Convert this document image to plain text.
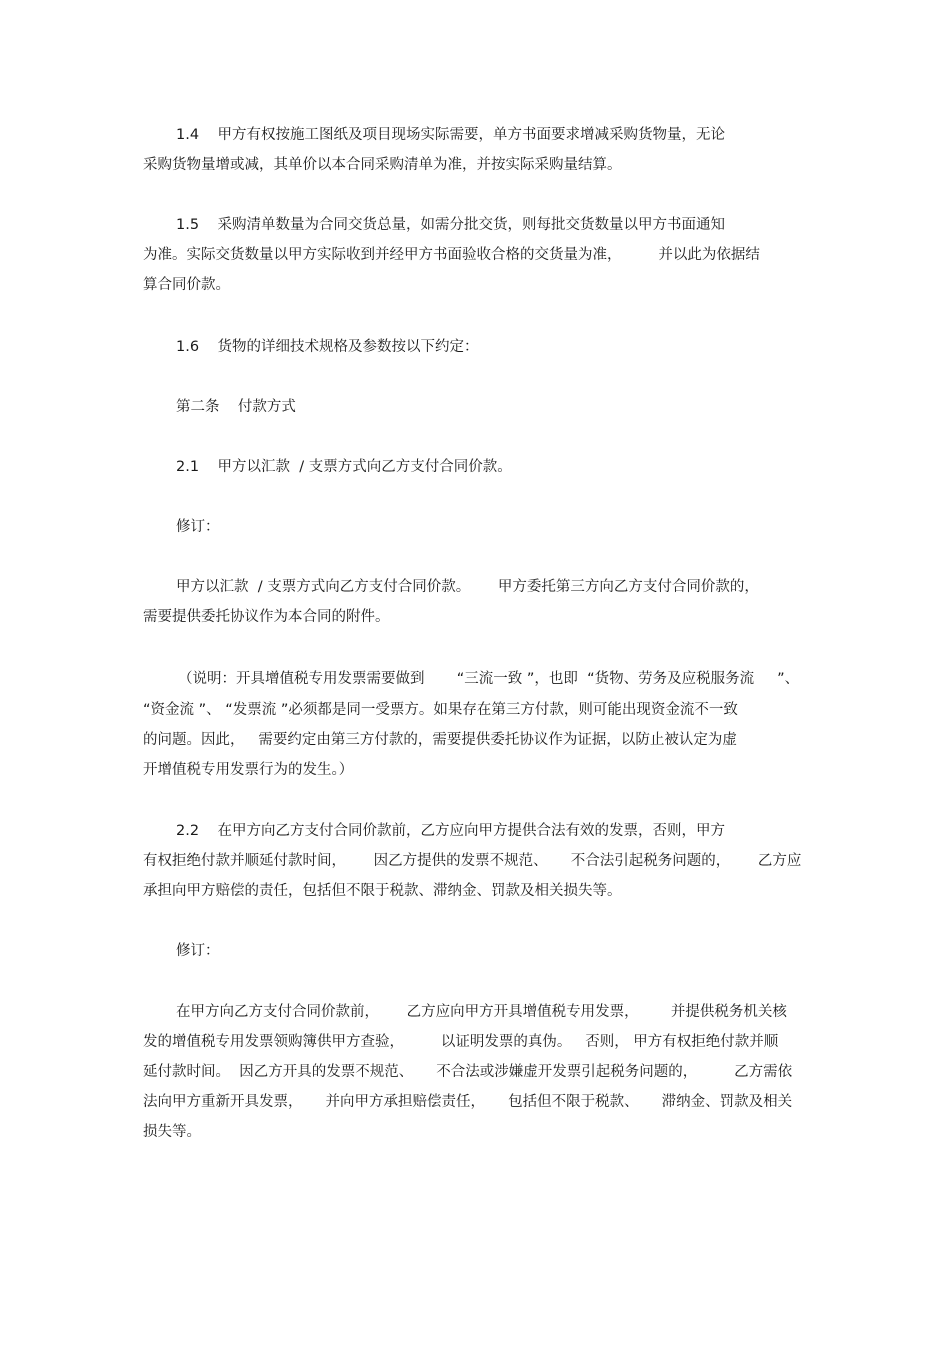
1.4    甲方有权按施工图纸及项目现场实际需要，单方书面要求增减采购货物量，无论
采购货物量增或减，其单价以本合同采购清单为准，并按实际采购量结算。
1.5    采购清单数量为合同交货总量，如需分批交货，则每批交货数量以甲方书面通知
为准。实际交货数量以甲方实际收到并经甲方书面验收合格的交货量为准，        并以此为依据结
算合同价款。
1.6    货物的详细技术规格及参数按以下约定：
第二条    付款方式
2.1    甲方以汇款  / 支票方式向乙方支付合同价款。
修订：
甲方以汇款  / 支票方式向乙方支付合同价款。      甲方委托第三方向乙方支付合同价款的，
需要提供委托协议作为本合同的附件。
（说明：开具增值税专用发票需要做到       “三流一致 ”，也即  “货物、劳务及应税服务流     ”、
“资金流 ”、 “发票流 ”必须都是同一受票方。如果存在第三方付款，则可能出现资金流不一致
的问题。因此，   需要约定由第三方付款的，需要提供委托协议作为证据，以防止被认定为虚
开增值税专用发票行为的发生。）
2.2    在甲方向乙方支付合同价款前，乙方应向甲方提供合法有效的发票，否则，甲方
有权拒绝付款并顺延付款时间，      因乙方提供的发票不规范、     不合法引起税务问题的，      乙方应
承担向甲方赔偿的责任，包括但不限于税款、滞纳金、罚款及相关损失等。
修订：
在甲方向乙方支付合同价款前，      乙方应向甲方开具增值税专用发票，       并提供税务机关核
发的增值税专用发票领购簿供甲方查验，        以证明发票的真伪。   否则， 甲方有权拒绝付款并顺
延付款时间。  因乙方开具的发票不规范、     不合法或涉嫌虚开发票引起税务问题的，        乙方需依
法向甲方重新开具发票，     并向甲方承担赔偿责任，     包括但不限于税款、     滞纳金、罚款及相关
损失等。
